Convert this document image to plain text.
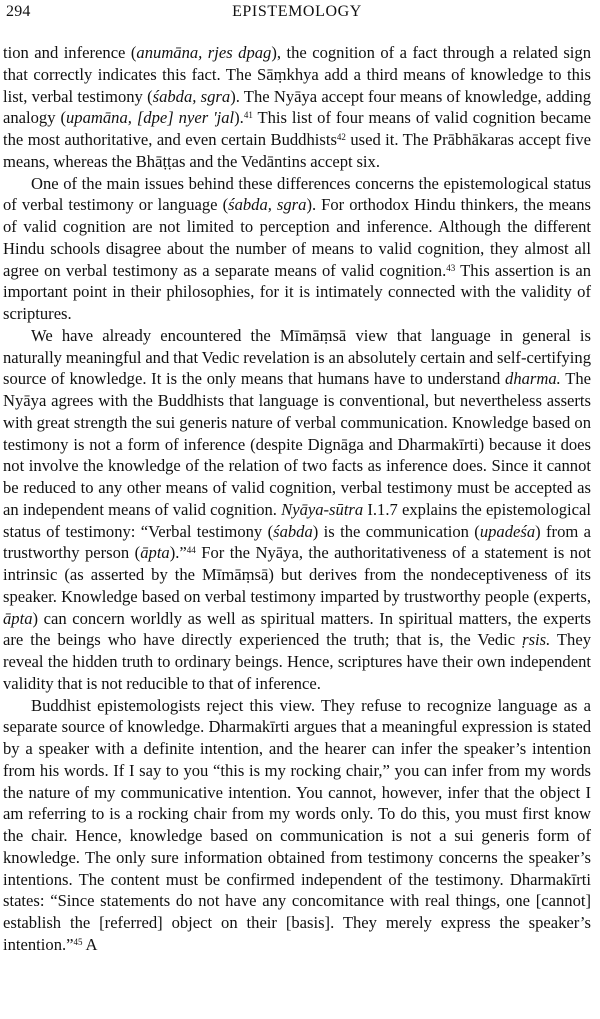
294	EPISTEMOLOGY

tion and inference (anumāna, rjes dpag), the cognition of a fact through a related sign that correctly indicates this fact. The Sāṃkhya add a third means of knowledge to this list, verbal testimony (śabda, sgra). The Nyāya accept four means of knowledge, adding analogy (upamāna, [dpe] nyer 'jal).$^{41}$ This list of four means of valid cognition became the most authoritative, and even certain Buddhists$^{42}$ used it. The Prābhākaras accept five means, whereas the Bhāṭṭas and the Vedāntins accept six.

One of the main issues behind these differences concerns the epistemological status of verbal testimony or language (śabda, sgra). For orthodox Hindu thinkers, the means of valid cognition are not limited to perception and inference. Although the different Hindu schools disagree about the number of means to valid cognition, they almost all agree on verbal testimony as a separate means of valid cognition.$^{43}$ This assertion is an important point in their philosophies, for it is intimately connected with the validity of scriptures.

We have already encountered the Mīmāṃsā view that language in general is naturally meaningful and that Vedic revelation is an absolutely certain and self-certifying source of knowledge. It is the only means that humans have to understand dharma. The Nyāya agrees with the Buddhists that language is conventional, but nevertheless asserts with great strength the sui generis nature of verbal communication. Knowledge based on testimony is not a form of inference (despite Dignāga and Dharmakīrti) because it does not involve the knowledge of the relation of two facts as inference does. Since it cannot be reduced to any other means of valid cognition, verbal testimony must be accepted as an independent means of valid cognition. Nyāya-sūtra I.1.7 explains the epistemological status of testimony: “Verbal testimony (śabda) is the communication (upadeśa) from a trustworthy person (āpta).”$^{44}$ For the Nyāya, the authoritativeness of a statement is not intrinsic (as asserted by the Mīmāṃsā) but derives from the nondeceptiveness of its speaker. Knowledge based on verbal testimony imparted by trustworthy people (experts, āpta) can concern worldly as well as spiritual matters. In spiritual matters, the experts are the beings who have directly experienced the truth; that is, the Vedic ṛsis. They reveal the hidden truth to ordinary beings. Hence, scriptures have their own independent validity that is not reducible to that of inference.

Buddhist epistemologists reject this view. They refuse to recognize language as a separate source of knowledge. Dharmakīrti argues that a meaningful expression is stated by a speaker with a definite intention, and the hearer can infer the speaker’s intention from his words. If I say to you “this is my rocking chair,” you can infer from my words the nature of my communicative intention. You cannot, however, infer that the object I am referring to is a rocking chair from my words only. To do this, you must first know the chair. Hence, knowledge based on communication is not a sui generis form of knowledge. The only sure information obtained from testimony concerns the speaker’s intentions. The content must be confirmed independent of the testimony. Dharmakīrti states: “Since statements do not have any concomitance with real things, one [cannot] establish the [referred] object on their [basis]. They merely express the speaker’s intention.”$^{45}$ A
